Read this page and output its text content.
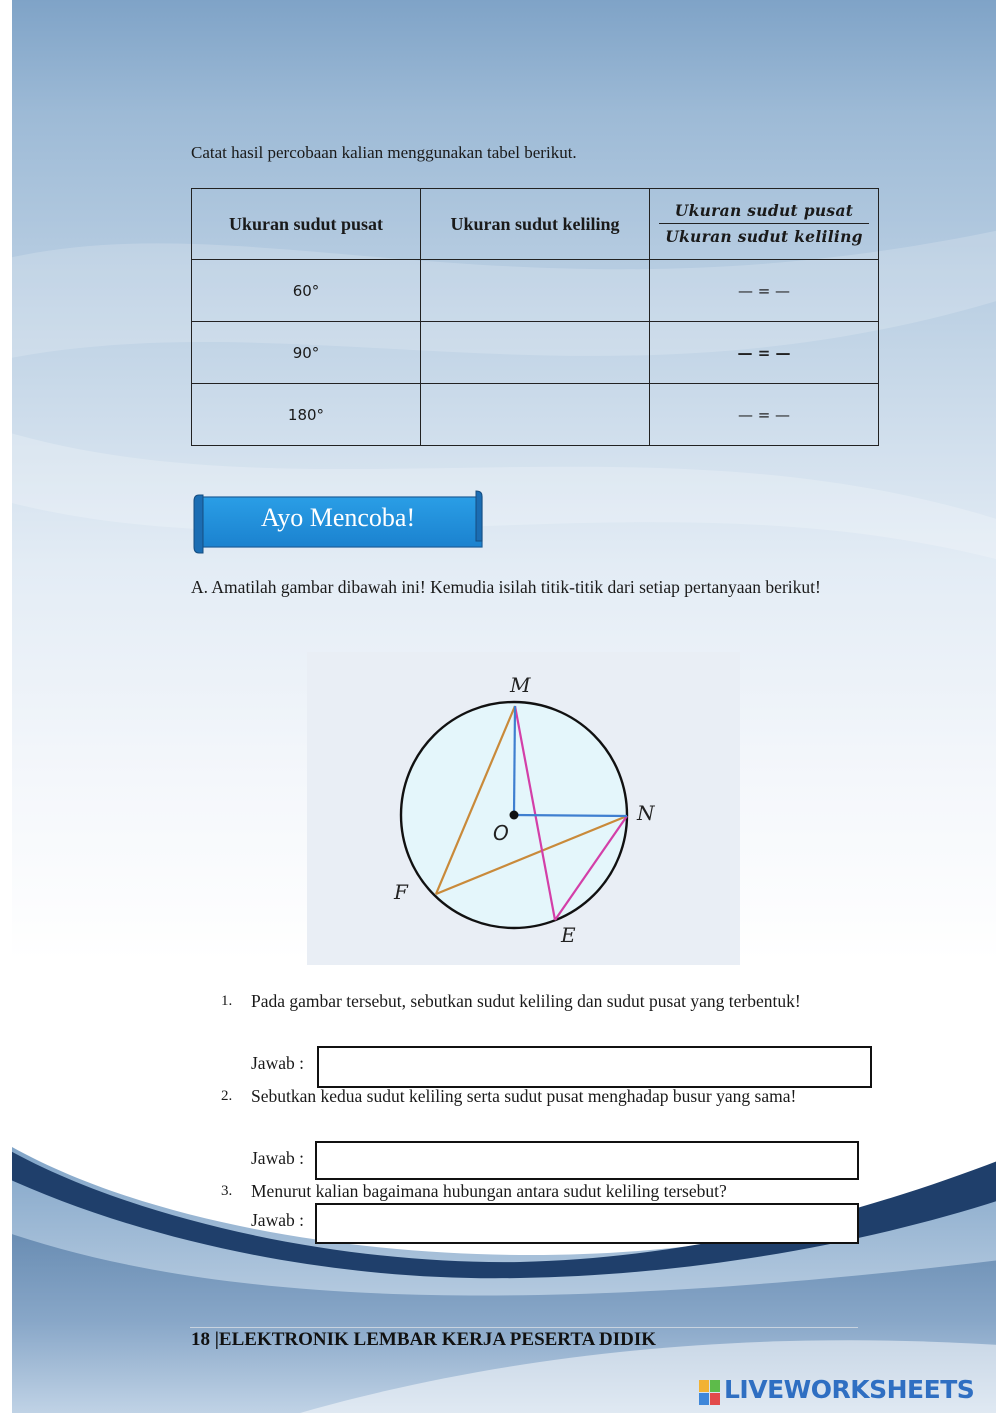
Catat hasil percobaan kalian menggunakan tabel berikut.
Ukuran sudut pusat	Ukuran sudut keliling	$\frac{\text{Ukuran sudut pusat}}{\text{Ukuran sudut keliling}}$

60°		— = —
90°		— = —
180°		— = —
Ayo Mencoba!
A. Amatilah gambar dibawah ini! Kemudia isilah titik-titik dari setiap pertanyaan berikut!
M
N
O
F
E
1. Pada gambar tersebut, sebutkan sudut keliling dan sudut pusat yang terbentuk!
Jawab :
2. Sebutkan kedua sudut keliling serta sudut pusat menghadap busur yang sama!
Jawab :
3. Menurut kalian bagaimana hubungan antara sudut keliling tersebut?
Jawab :
18 |ELEKTRONIK LEMBAR KERJA PESERTA DIDIK
LIVEWORKSHEETS
